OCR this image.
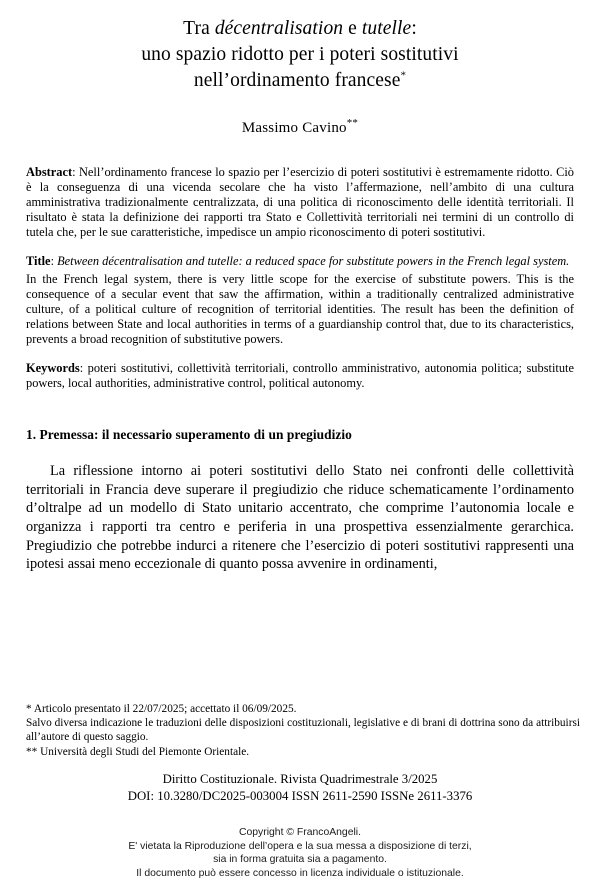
Tra décentralisation e tutelle:
uno spazio ridotto per i poteri sostitutivi
nell’ordinamento francese*
Massimo Cavino**
Abstract: Nell’ordinamento francese lo spazio per l’esercizio di poteri sostitutivi è estremamente ridotto. Ciò è la conseguenza di una vicenda secolare che ha visto l’affermazione, nell’ambito di una cultura amministrativa tradizionalmente centralizzata, di una politica di riconoscimento delle identità territoriali. Il risultato è stata la definizione dei rapporti tra Stato e Collettività territoriali nei termini di un controllo di tutela che, per le sue caratteristiche, impedisce un ampio riconoscimento di poteri sostitutivi.
Title: Between décentralisation and tutelle: a reduced space for substitute powers in the French legal system.
In the French legal system, there is very little scope for the exercise of substitute powers. This is the consequence of a secular event that saw the affirmation, within a traditionally centralized administrative culture, of a political culture of recognition of territorial identities. The result has been the definition of relations between State and local authorities in terms of a guardianship control that, due to its characteristics, prevents a broad recognition of substitutive powers.
Keywords: poteri sostitutivi, collettività territoriali, controllo amministrativo, autonomia politica; substitute powers, local authorities, administrative control, political autonomy.
1. Premessa: il necessario superamento di un pregiudizio
La riflessione intorno ai poteri sostitutivi dello Stato nei confronti delle collettività territoriali in Francia deve superare il pregiudizio che riduce schematicamente l’ordinamento d’oltralpe ad un modello di Stato unitario accentrato, che comprime l’autonomia locale e organizza i rapporti tra centro e periferia in una prospettiva essenzialmente gerarchica. Pregiudizio che potrebbe indurci a ritenere che l’esercizio di poteri sostitutivi rappresenti una ipotesi assai meno eccezionale di quanto possa avvenire in ordinamenti,
* Articolo presentato il 22/07/2025; accettato il 06/09/2025.
Salvo diversa indicazione le traduzioni delle disposizioni costituzionali, legislative e di brani di dottrina sono da attribuirsi all’autore di questo saggio.
** Università degli Studi del Piemonte Orientale.
Diritto Costituzionale. Rivista Quadrimestrale 3/2025
DOI: 10.3280/DC2025-003004 ISSN 2611-2590 ISSNe 2611-3376
Copyright © FrancoAngeli.
E' vietata la Riproduzione dell’opera e la sua messa a disposizione di terzi,
sia in forma gratuita sia a pagamento.
Il documento può essere concesso in licenza individuale o istituzionale.
